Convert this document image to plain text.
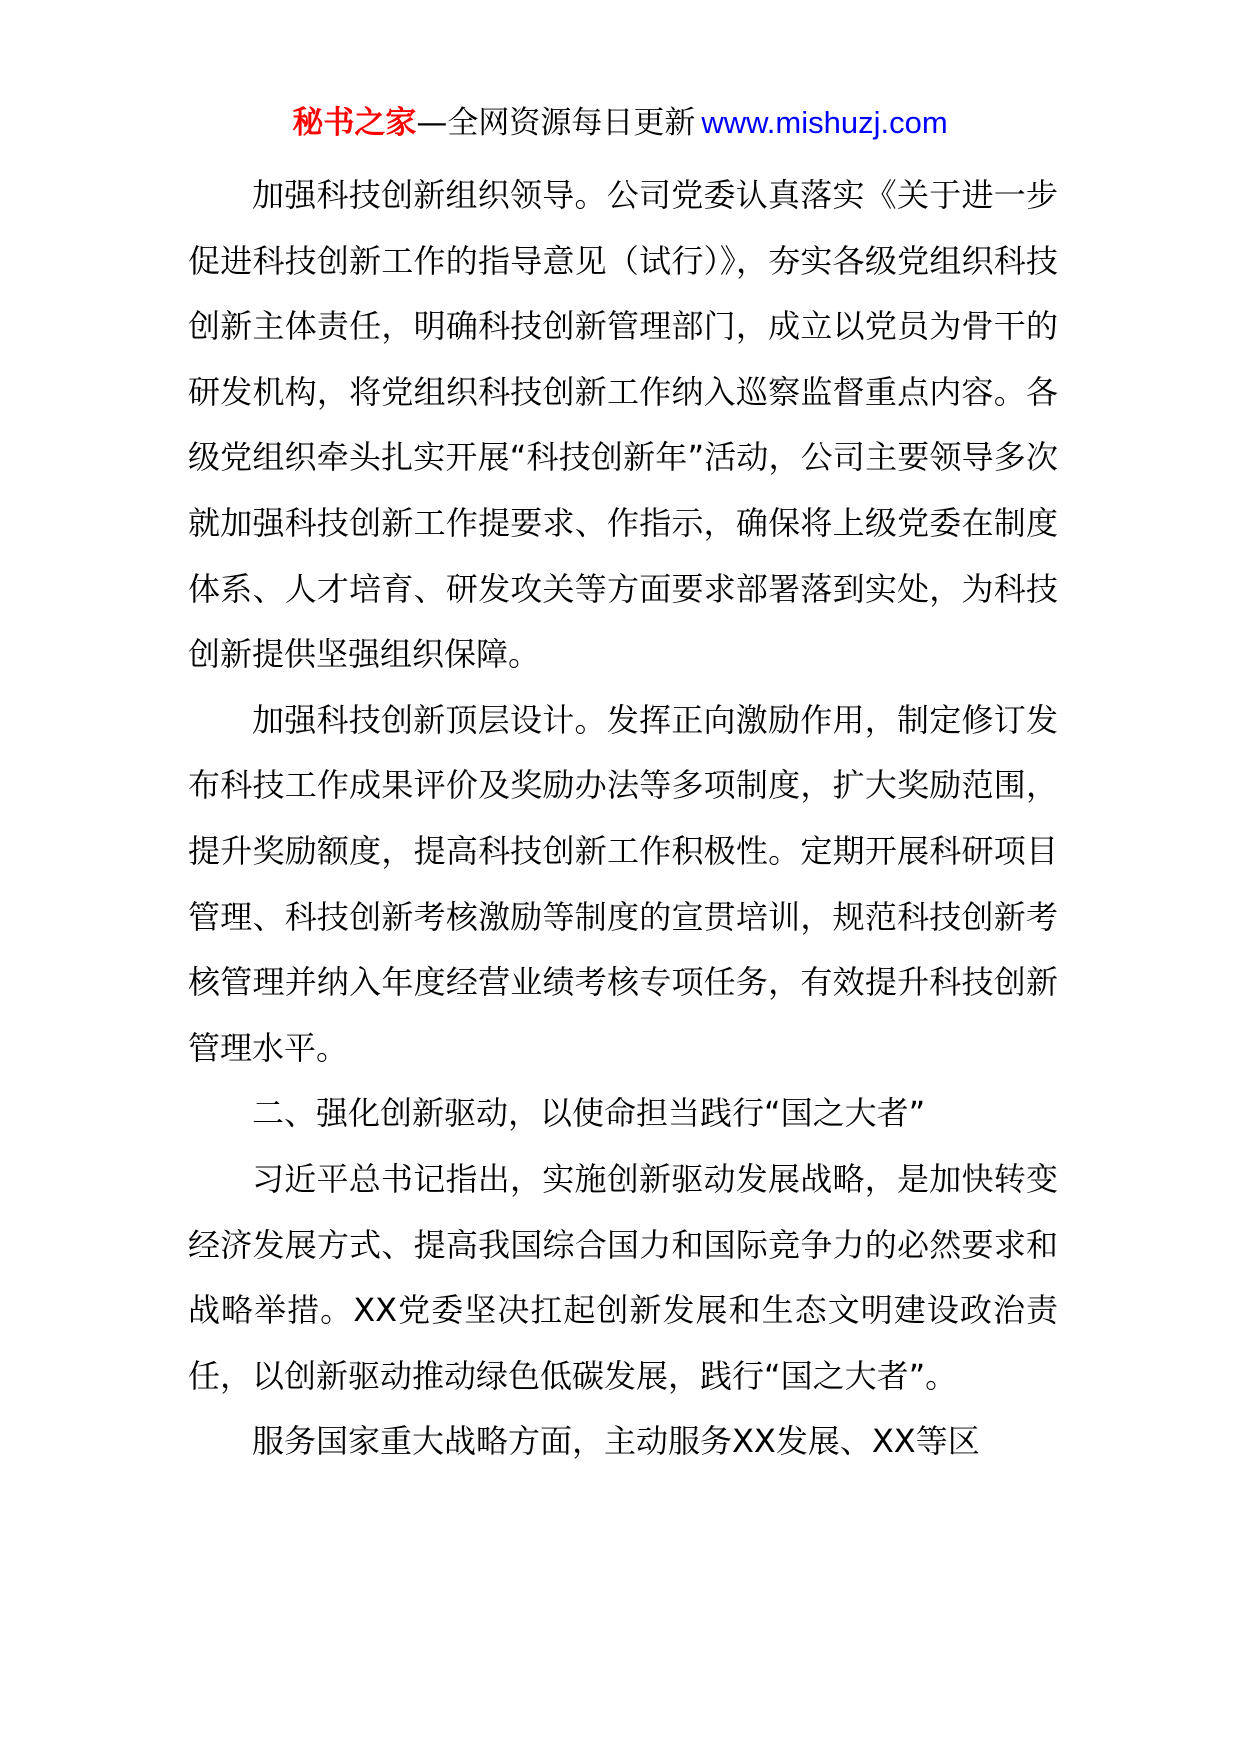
秘书之家—全网资源每日更新 www.mishuzj.com

加强科技创新组织领导。公司党委认真落实《关于进一步促进科技创新工作的指导意见（试行）》，夯实各级党组织科技创新主体责任，明确科技创新管理部门，成立以党员为骨干的研发机构，将党组织科技创新工作纳入巡察监督重点内容。各级党组织牵头扎实开展“科技创新年”活动，公司主要领导多次就加强科技创新工作提要求、作指示，确保将上级党委在制度体系、人才培育、研发攻关等方面要求部署落到实处，为科技创新提供坚强组织保障。

加强科技创新顶层设计。发挥正向激励作用，制定修订发布科技工作成果评价及奖励办法等多项制度，扩大奖励范围，提升奖励额度，提高科技创新工作积极性。定期开展科研项目管理、科技创新考核激励等制度的宣贯培训，规范科技创新考核管理并纳入年度经营业绩考核专项任务，有效提升科技创新管理水平。

二、强化创新驱动，以使命担当践行“国之大者”

习近平总书记指出，实施创新驱动发展战略，是加快转变经济发展方式、提高我国综合国力和国际竞争力的必然要求和战略举措。XX党委坚决扛起创新发展和生态文明建设政治责任，以创新驱动推动绿色低碳发展，践行“国之大者”。

服务国家重大战略方面，主动服务XX发展、XX等区
